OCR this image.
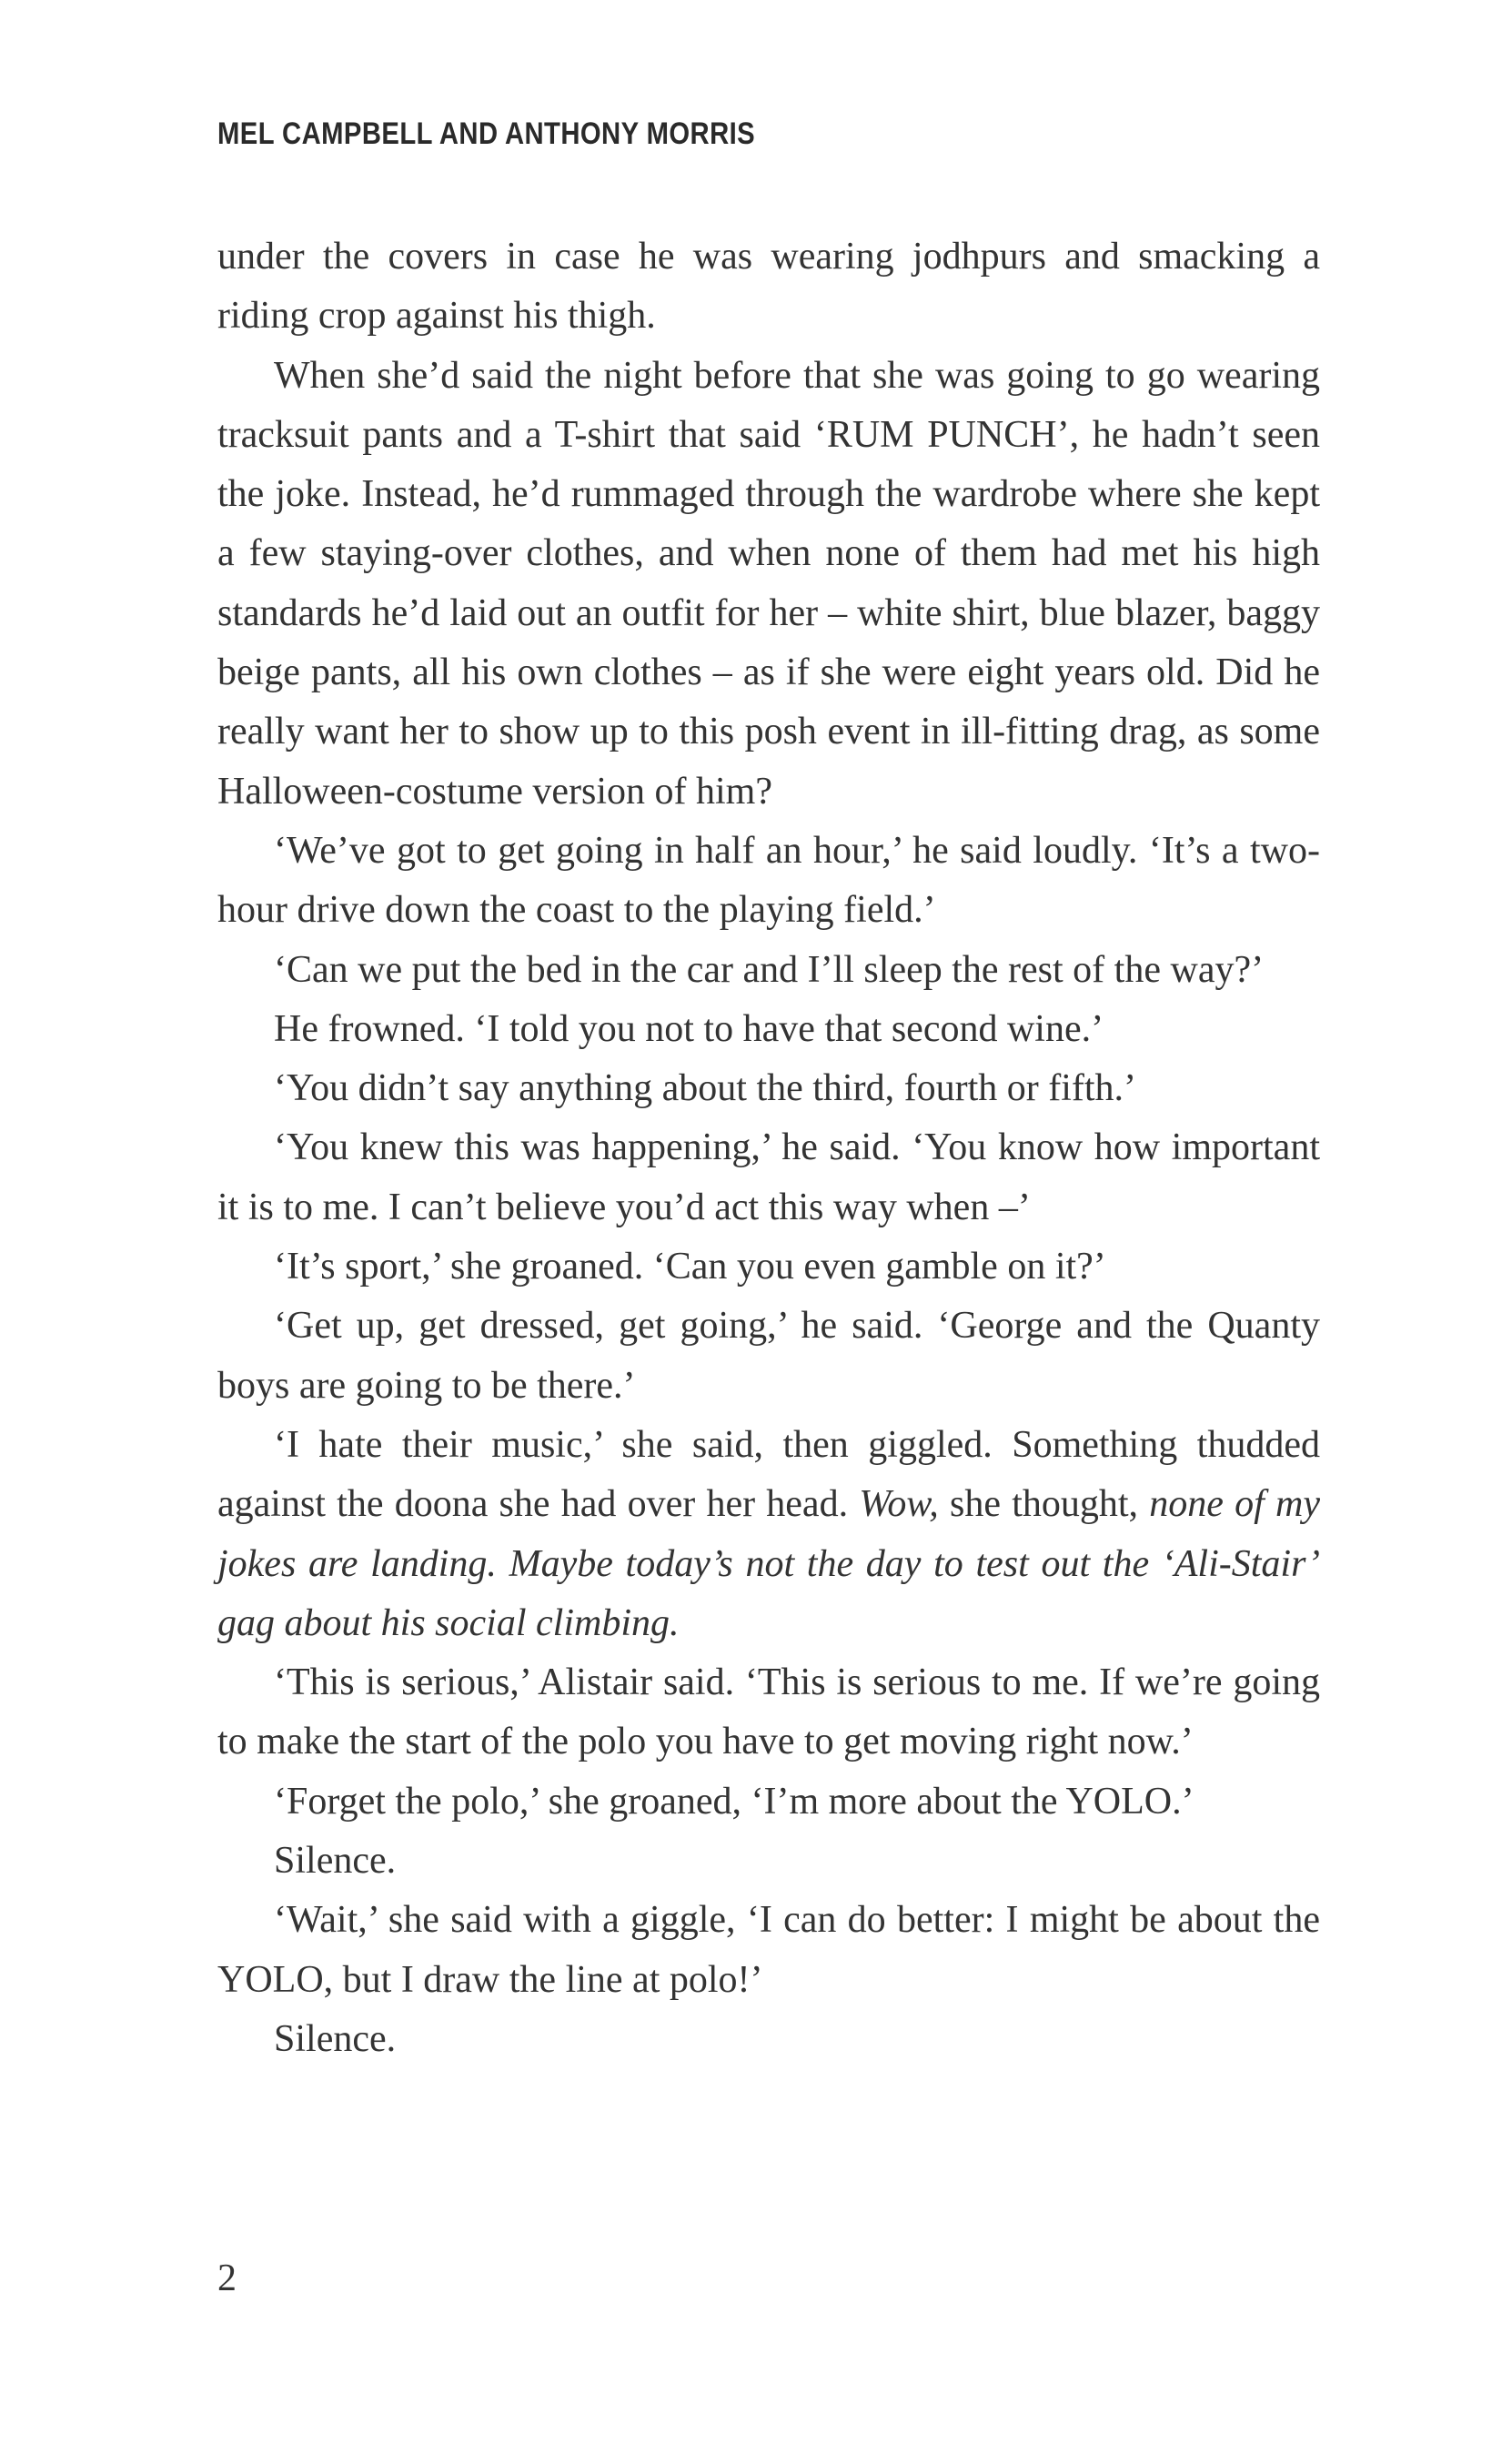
MEL CAMPBELL AND ANTHONY MORRIS

under the covers in case he was wearing jodhpurs and smacking a riding crop against his thigh.

When she’d said the night before that she was going to go wearing tracksuit pants and a T-shirt that said ‘RUM PUNCH’, he hadn’t seen the joke. Instead, he’d rummaged through the wardrobe where she kept a few staying-over clothes, and when none of them had met his high standards he’d laid out an outfit for her – white shirt, blue blazer, baggy beige pants, all his own clothes – as if she were eight years old. Did he really want her to show up to this posh event in ill-fitting drag, as some Halloween-costume version of him?

‘We’ve got to get going in half an hour,’ he said loudly. ‘It’s a two-hour drive down the coast to the playing field.’

‘Can we put the bed in the car and I’ll sleep the rest of the way?’

He frowned. ‘I told you not to have that second wine.’

‘You didn’t say anything about the third, fourth or fifth.’

‘You knew this was happening,’ he said. ‘You know how important it is to me. I can’t believe you’d act this way when –’

‘It’s sport,’ she groaned. ‘Can you even gamble on it?’

‘Get up, get dressed, get going,’ he said. ‘George and the Quanty boys are going to be there.’

‘I hate their music,’ she said, then giggled. Something thudded against the doona she had over her head. Wow, she thought, none of my jokes are landing. Maybe today’s not the day to test out the ‘Ali-Stair’ gag about his social climbing.

‘This is serious,’ Alistair said. ‘This is serious to me. If we’re going to make the start of the polo you have to get moving right now.’

‘Forget the polo,’ she groaned, ‘I’m more about the YOLO.’

Silence.

‘Wait,’ she said with a giggle, ‘I can do better: I might be about the YOLO, but I draw the line at polo!’

Silence.

2
